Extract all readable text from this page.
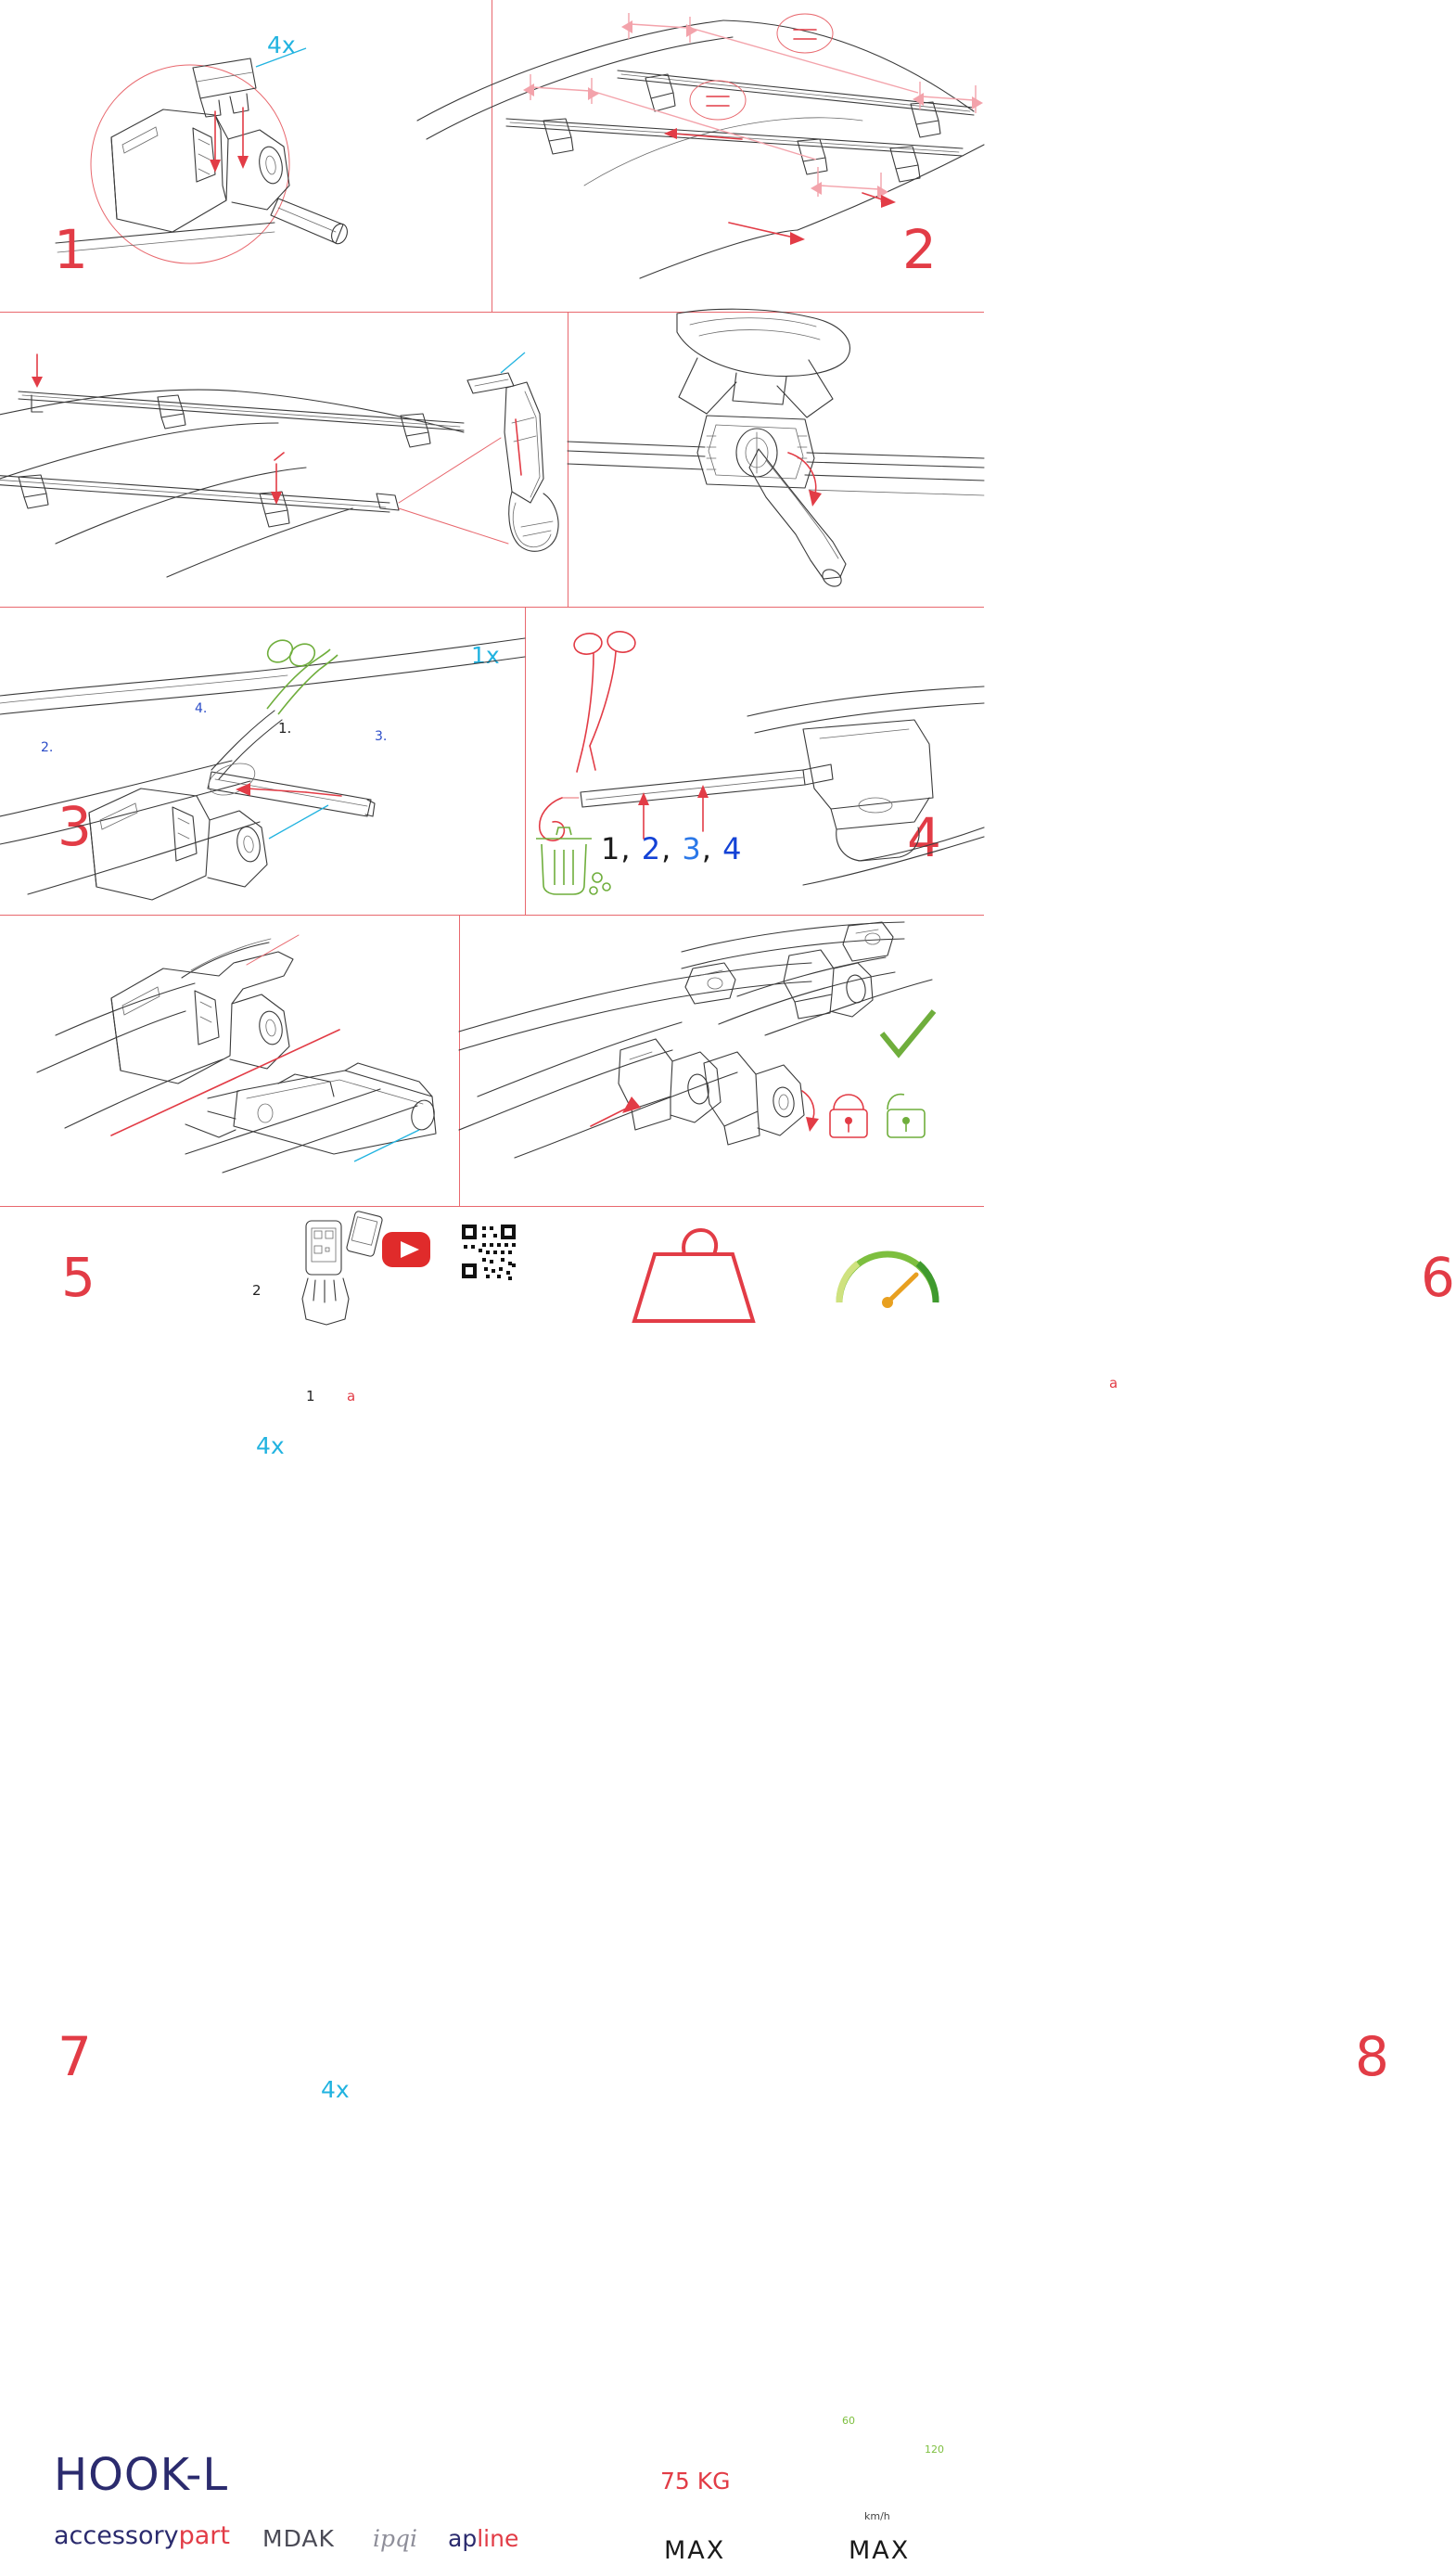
4x
1	2
1.
2.
3.
4.
1x
3	1, 2, 3, 4	4
2
1 a
4x
5
a
6
4x
7	8
HOOK-L
accessorypart MDAK ipqi apline
75 KG
MAX	MAX
km/h
60
120
